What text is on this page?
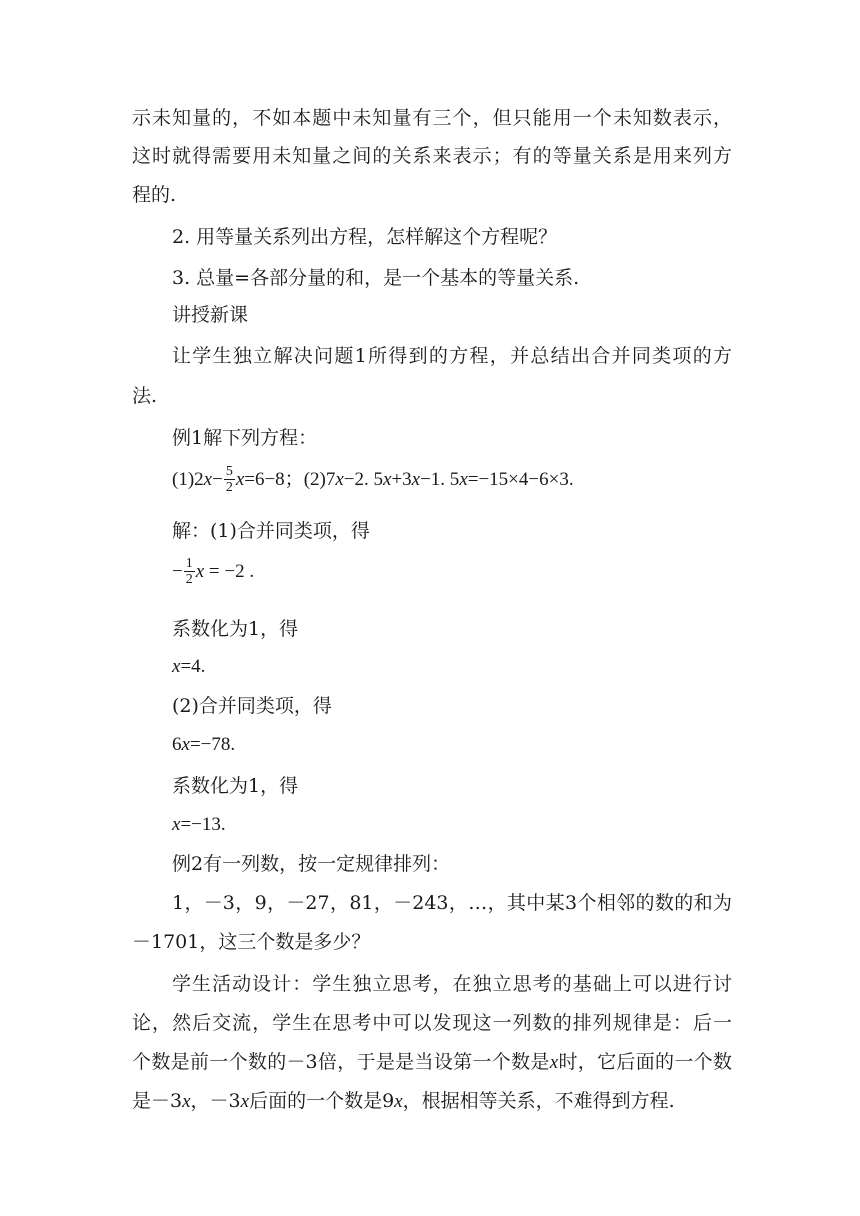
示未知量的，不如本题中未知量有三个，但只能用一个未知数表示，
这时就得需要用未知量之间的关系来表示；有的等量关系是用来列方
程的.
2. 用等量关系列出方程，怎样解这个方程呢？
3. 总量=各部分量的和，是一个基本的等量关系.
讲授新课
让学生独立解决问题1所得到的方程，并总结出合并同类项的方
法.
例1解下列方程：
$(1)2x- \frac{5}{2} x=6-8$；(2)7x−2. 5x+3x−1. 5x=−15×4−6×3.
解：(1)合并同类项，得
− $\frac{1}{2}$ x = −2 .
系数化为1，得
x=4.
(2)合并同类项，得
6x=−78.
系数化为1，得
x=−13.
例2有一列数，按一定规律排列：
1，－3，9，－27，81，－243，…，其中某3个相邻的数的和为
－1701，这三个数是多少？
学生活动设计：学生独立思考，在独立思考的基础上可以进行讨
论，然后交流，学生在思考中可以发现这一列数的排列规律是：后一
个数是前一个数的－3倍，于是是当设第一个数是x时，它后面的一个数
是－3x，－3x后面的一个数是9x，根据相等关系，不难得到方程.
